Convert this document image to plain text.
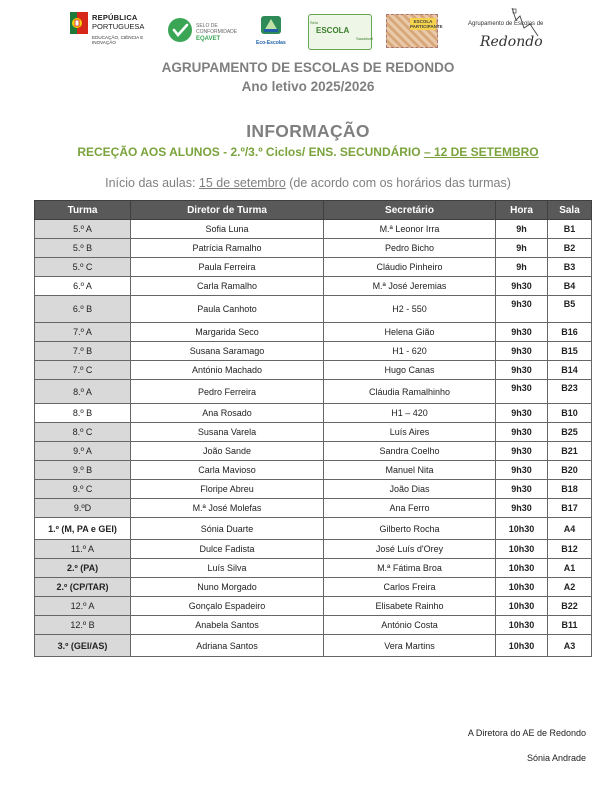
REPÚBLICA
PORTUGUESA
EDUCAÇÃO, CIÊNCIA E INOVAÇÃO
SELO DE
CONFORMIDADE
EQAVET
Eco-Escolas
Selo
ESCOLA
Saudável
ESCOLA PARTICIPANTE	Agrupamento de Escolas de
Redondo
AGRUPAMENTO DE ESCOLAS DE REDONDO
Ano letivo 2025/2026
INFORMAÇÃO
RECEÇÃO AOS ALUNOS - 2.º/3.º Ciclos/ ENS. SECUNDÁRIO – 12 DE SETEMBRO
Início das aulas: 15 de setembro (de acordo com os horários das turmas)
Turma	Diretor de Turma	Secretário	Hora	Sala
5.º A	Sofia Luna	M.ª Leonor Irra	9h	B1
5.º B	Patrícia Ramalho	Pedro Bicho	9h	B2
5.º C	Paula Ferreira	Cláudio Pinheiro	9h	B3
6.º A	Carla Ramalho	M.ª José Jeremias	9h30	B4
6.º B	Paula Canhoto	H2 - 550	9h30	B5
7.º A	Margarida Seco	Helena Gião	9h30	B16
7.º B	Susana Saramago	H1 - 620	9h30	B15
7.º C	António Machado	Hugo Canas	9h30	B14
8.º A	Pedro Ferreira	Cláudia Ramalhinho	9h30	B23
8.º B	Ana Rosado	H1 – 420	9h30	B10
8.º C	Susana Varela	Luís Aires	9h30	B25
9.º A	João Sande	Sandra Coelho	9h30	B21
9.º B	Carla Mavioso	Manuel Nita	9h30	B20
9.º C	Floripe Abreu	João Dias	9h30	B18
9.ºD	M.ª José Molefas	Ana Ferro	9h30	B17
1.º (M, PA e GEI)	Sónia Duarte	Gilberto Rocha	10h30	A4
11.º A	Dulce Fadista	José Luís d'Orey	10h30	B12
2.º (PA)	Luís Silva	M.ª Fátima Broa	10h30	A1
2.º (CP/TAR)	Nuno Morgado	Carlos Freira	10h30	A2
12.º A	Gonçalo Espadeiro	Elisabete Rainho	10h30	B22
12.º B	Anabela Santos	António Costa	10h30	B11
3.º (GEI/AS)	Adriana Santos	Vera Martins	10h30	A3
A Diretora do AE de Redondo
Sónia Andrade
